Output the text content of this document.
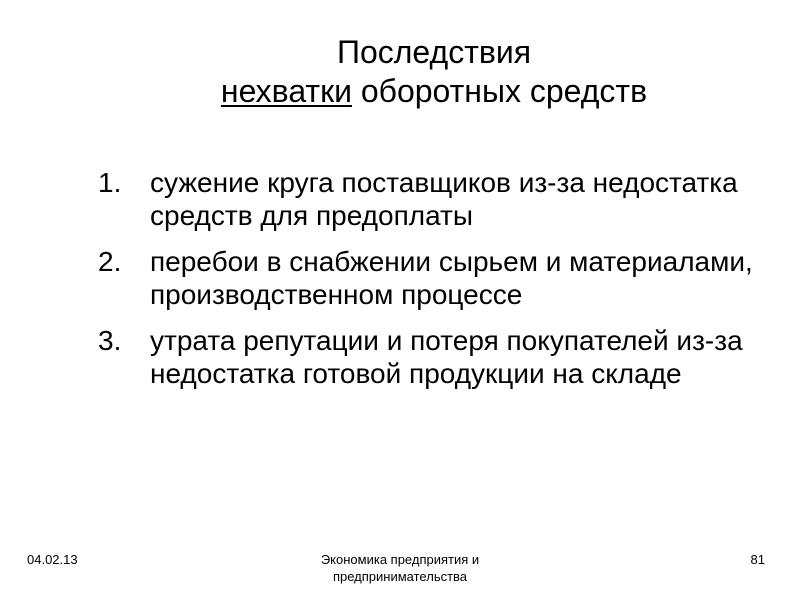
Последствия
нехватки оборотных средств
1. сужение круга поставщиков из-за недостатка средств для предоплаты
2. перебои в снабжении сырьем и материалами, производственном процессе
3. утрата репутации и потеря покупателей из-за недостатка готовой продукции на складе
04.02.13	Экономика предприятия и
предпринимательства
81
